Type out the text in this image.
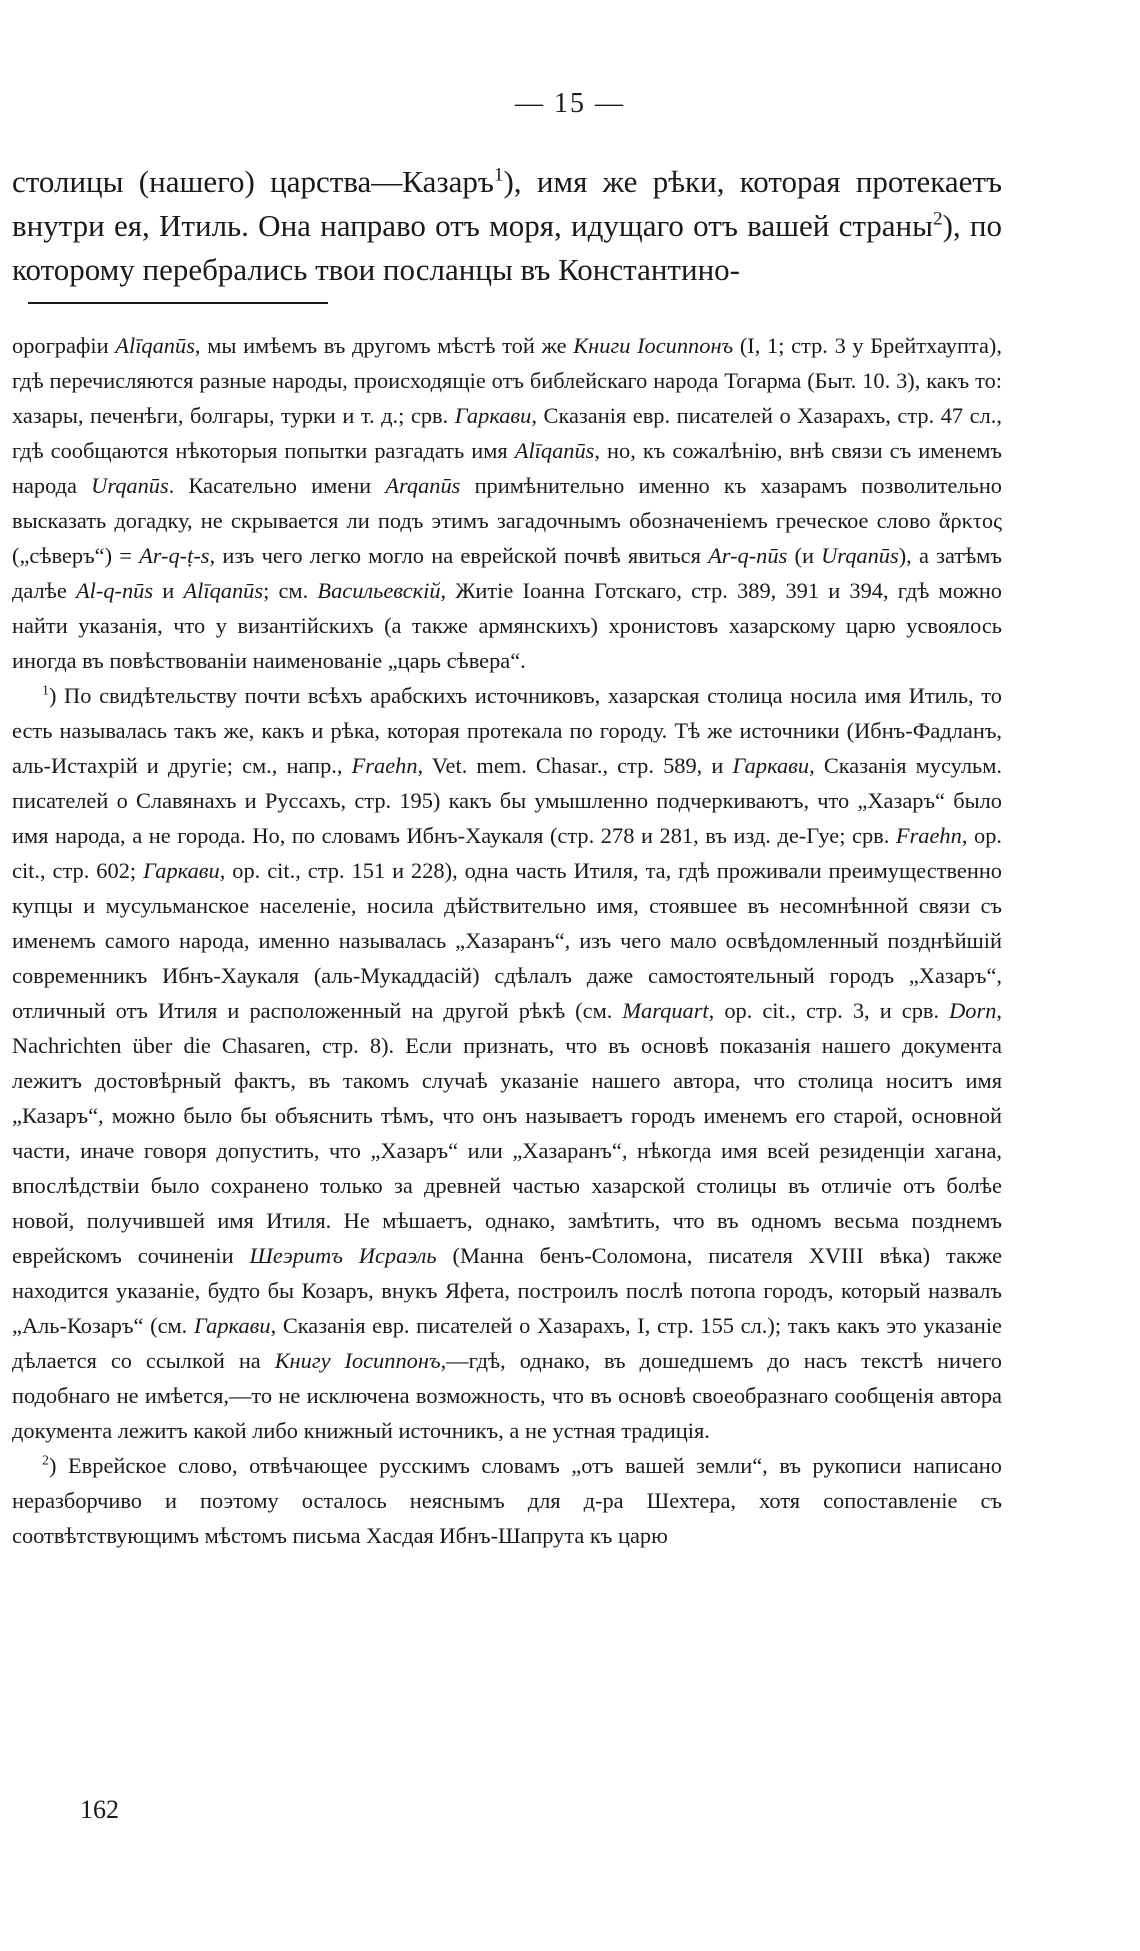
— 15 —

столицы (нашего) царства—Казаръ$^1$), имя же рѣки, которая протекаетъ внутри ея, Итиль. Она направо отъ моря, идущаго отъ вашей страны$^2$), по которому перебрались твои посланцы въ Константино-

орографіи Alīqanūs, мы имѣемъ въ другомъ мѣстѣ той же Книги Іосиппонъ (I, 1; стр. 3 у Брейтхаупта), гдѣ перечисляются разные народы, происходящіе отъ библейскаго народа Тогарма (Быт. 10. 3), какъ то: хазары, печенѣги, болгары, турки и т. д.; срв. Гаркави, Сказанія евр. писателей о Хазарахъ, стр. 47 сл., гдѣ сообщаются нѣкоторыя попытки разгадать имя Alīqanūs, но, къ сожалѣнію, внѣ связи съ именемъ народа Urqanūs. Касательно имени Arqanūs примѣнительно именно къ хазарамъ позволительно высказать догадку, не скрывается ли подъ этимъ загадочнымъ обозначеніемъ греческое слово ἄρκτος („сѣверъ“) = Ar-q-ṭ-s, изъ чего легко могло на еврейской почвѣ явиться Ar-q-nūs (и Urqanūs), а затѣмъ далѣе Al-q-nūs и Alīqanūs; см. Васильевскій, Житіе Іоанна Готскаго, стр. 389, 391 и 394, гдѣ можно найти указанія, что у византійскихъ (а также армянскихъ) хронистовъ хазарскому царю усвоялось иногда въ повѣствованіи наименованіе „царь сѣвера“.

$^1$) По свидѣтельству почти всѣхъ арабскихъ источниковъ, хазарская столица носила имя Итиль, то есть называлась такъ же, какъ и рѣка, которая протекала по городу. Тѣ же источники (Ибнъ-Фадланъ, аль-Истахрій и другіе; см., напр., Fraehn, Vet. mem. Chasar., стр. 589, и Гаркави, Сказанія мусульм. писателей о Славянахъ и Руссахъ, стр. 195) какъ бы умышленно подчеркиваютъ, что „Хазаръ“ было имя народа, а не города. Но, по словамъ Ибнъ-Хаукаля (стр. 278 и 281, въ изд. де-Гуе; срв. Fraehn, op. cit., стр. 602; Гаркави, op. cit., стр. 151 и 228), одна часть Итиля, та, гдѣ проживали преимущественно купцы и мусульманское населеніе, носила дѣйствительно имя, стоявшее въ несомнѣнной связи съ именемъ самого народа, именно называлась „Хазаранъ“, изъ чего мало освѣдомленный позднѣйшій современникъ Ибнъ-Хаукаля (аль-Мукаддасій) сдѣлалъ даже самостоятельный городъ „Хазаръ“, отличный отъ Итиля и расположенный на другой рѣкѣ (см. Marquart, op. cit., стр. 3, и срв. Dorn, Nachrichten über die Chasaren, стр. 8). Если признать, что въ основѣ показанія нашего документа лежитъ достовѣрный фактъ, въ такомъ случаѣ указаніе нашего автора, что столица носитъ имя „Казаръ“, можно было бы объяснить тѣмъ, что онъ называетъ городъ именемъ его старой, основной части, иначе говоря допустить, что „Хазаръ“ или „Хазаранъ“, нѣкогда имя всей резиденціи хагана, впослѣдствіи было сохранено только за древней частью хазарской столицы въ отличіе отъ болѣе новой, получившей имя Итиля. Не мѣшаетъ, однако, замѣтить, что въ одномъ весьма позднемъ еврейскомъ сочиненіи Шеэритъ Исраэль (Манна бенъ-Соломона, писателя XVIII вѣка) также находится указаніе, будто бы Козаръ, внукъ Яфета, построилъ послѣ потопа городъ, который назвалъ „Аль-Козаръ“ (см. Гаркави, Сказанія евр. писателей о Хазарахъ, I, стр. 155 сл.); такъ какъ это указаніе дѣлается со ссылкой на Книгу Іосиппонъ,—гдѣ, однако, въ дошедшемъ до насъ текстѣ ничего подобнаго не имѣется,—то не исключена возможность, что въ основѣ своеобразнаго сообщенія автора документа лежитъ какой либо книжный источникъ, а не устная традиція.

$^2$) Еврейское слово, отвѣчающее русскимъ словамъ „отъ вашей земли“, въ рукописи написано неразборчиво и поэтому осталось неяснымъ для д-ра Шехтера, хотя сопоставленіе съ соотвѣтствующимъ мѣстомъ письма Хасдая Ибнъ-Шапрута къ царю

162
